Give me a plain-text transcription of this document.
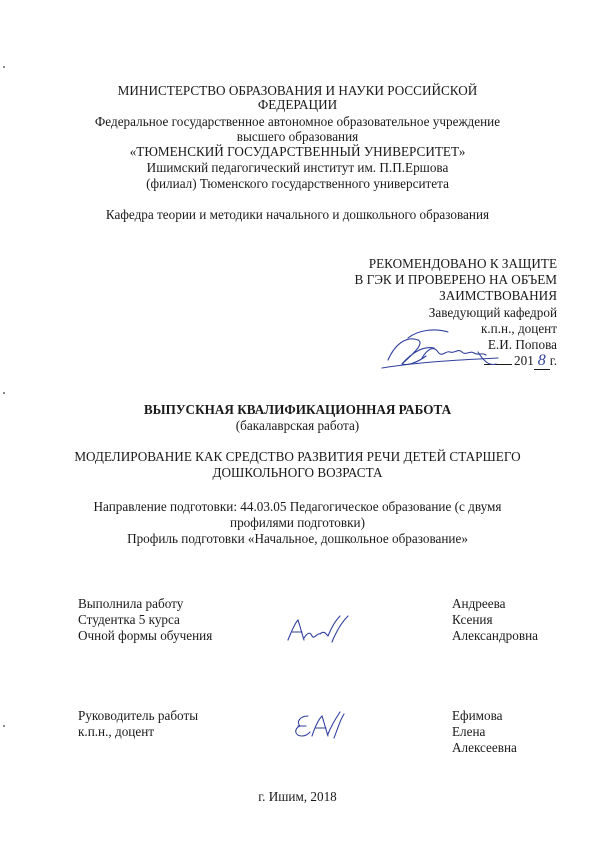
МИНИСТЕРСТВО ОБРАЗОВАНИЯ И НАУКИ РОССИЙСКОЙ
ФЕДЕРАЦИИ
Федеральное государственное автономное образовательное учреждение
высшего образования
«ТЮМЕНСКИЙ ГОСУДАРСТВЕННЫЙ УНИВЕРСИТЕТ»
Ишимский педагогический институт им. П.П.Ершова
(филиал) Тюменского государственного университета
Кафедра теории и методики начального и дошкольного образования
РЕКОМЕНДОВАНО К ЗАЩИТЕ
В ГЭК И ПРОВЕРЕНО НА ОБЪЕМ
ЗАИМСТВОВАНИЯ
Заведующий кафедрой
к.п.н., доцент
Е.И. Попова
201 8 г.
ВЫПУСКНАЯ КВАЛИФИКАЦИОННАЯ РАБОТА
(бакалаврская работа)
МОДЕЛИРОВАНИЕ КАК СРЕДСТВО РАЗВИТИЯ РЕЧИ ДЕТЕЙ СТАРШЕГО
ДОШКОЛЬНОГО ВОЗРАСТА
Направление подготовки: 44.03.05 Педагогическое образование (с двумя
профилями подготовки)
Профиль подготовки «Начальное, дошкольное образование»
Выполнила работу
Студентка 5 курса
Очной формы обучения
Андреева
Ксения
Александровна
Руководитель работы
к.п.н., доцент
Ефимова
Елена
Алексеевна
г. Ишим, 2018
